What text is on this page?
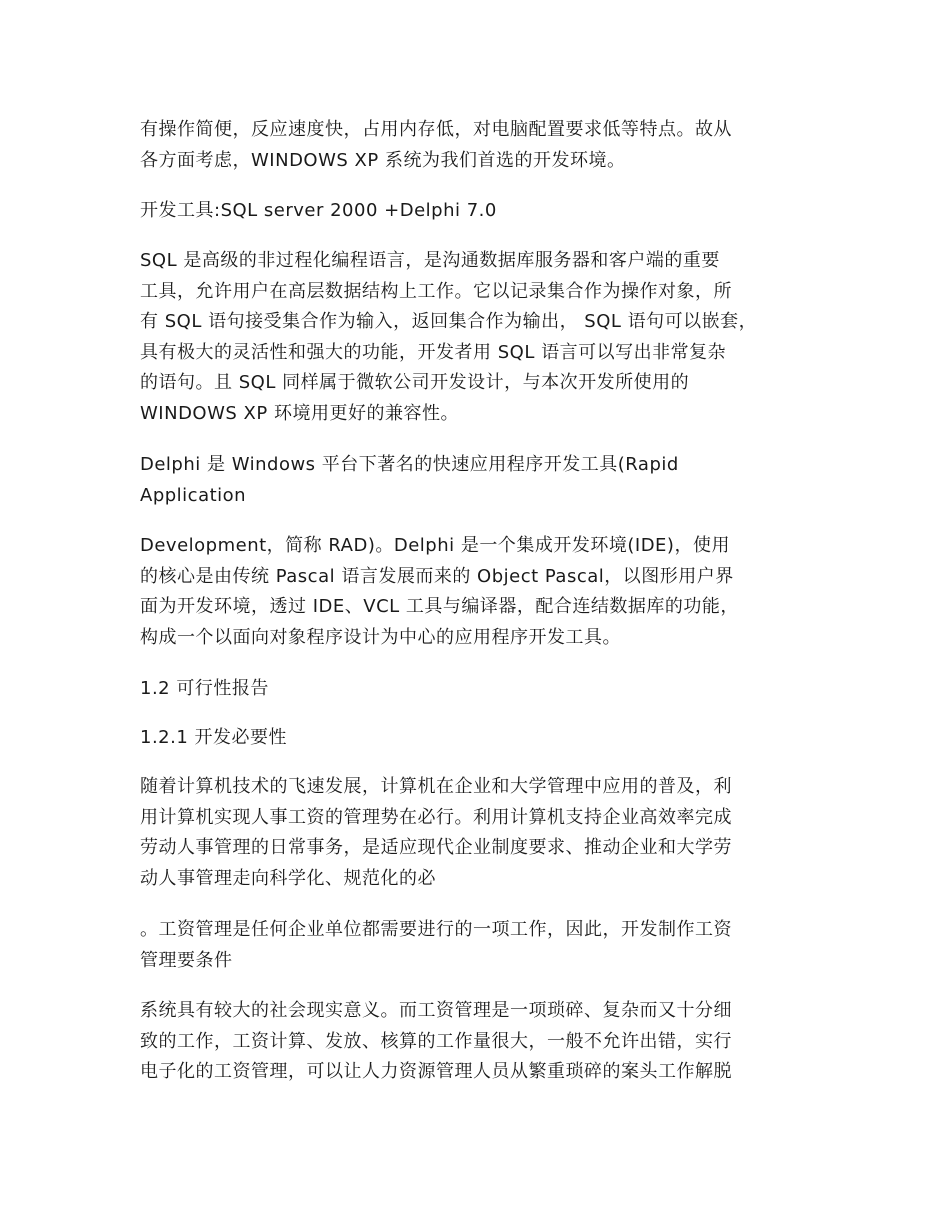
有操作简便，反应速度快，占用内存低，对电脑配置要求低等特点。故从
各方面考虑，WINDOWS XP 系统为我们首选的开发环境。

开发工具:SQL server 2000 +Delphi 7.0

SQL 是高级的非过程化编程语言，是沟通数据库服务器和客户端的重要
工具，允许用户在高层数据结构上工作。它以记录集合作为操作对象，所
有 SQL 语句接受集合作为输入，返回集合作为输出， SQL 语句可以嵌套，
具有极大的灵活性和强大的功能，开发者用 SQL 语言可以写出非常复杂
的语句。且 SQL 同样属于微软公司开发设计，与本次开发所使用的
WINDOWS XP 环境用更好的兼容性。

Delphi 是 Windows 平台下著名的快速应用程序开发工具(Rapid
Application

Development，简称 RAD)。Delphi 是一个集成开发环境(IDE)，使用
的核心是由传统 Pascal 语言发展而来的 Object Pascal，以图形用户界
面为开发环境，透过 IDE、VCL 工具与编译器，配合连结数据库的功能，
构成一个以面向对象程序设计为中心的应用程序开发工具。

1.2 可行性报告

1.2.1 开发必要性

随着计算机技术的飞速发展，计算机在企业和大学管理中应用的普及，利
用计算机实现人事工资的管理势在必行。利用计算机支持企业高效率完成
劳动人事管理的日常事务，是适应现代企业制度要求、推动企业和大学劳
动人事管理走向科学化、规范化的必

。工资管理是任何企业单位都需要进行的一项工作，因此，开发制作工资
管理要条件

系统具有较大的社会现实意义。而工资管理是一项琐碎、复杂而又十分细
致的工作，工资计算、发放、核算的工作量很大，一般不允许出错，实行
电子化的工资管理，可以让人力资源管理人员从繁重琐碎的案头工作解脱
